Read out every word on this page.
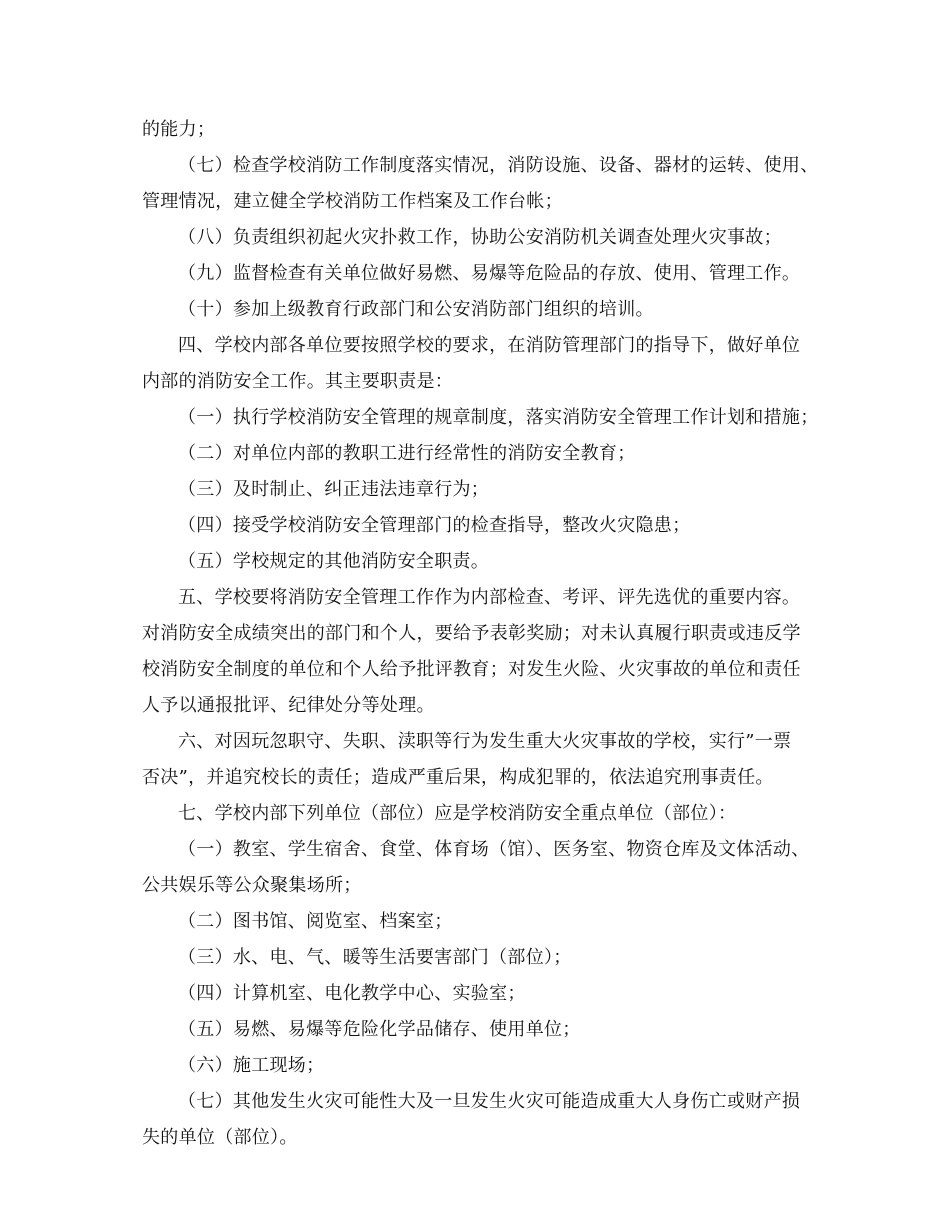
的能力；
（七）检查学校消防工作制度落实情况，消防设施、设备、器材的运转、使用、
管理情况，建立健全学校消防工作档案及工作台帐；
（八）负责组织初起火灾扑救工作，协助公安消防机关调查处理火灾事故；
（九）监督检查有关单位做好易燃、易爆等危险品的存放、使用、管理工作。
（十）参加上级教育行政部门和公安消防部门组织的培训。
四、学校内部各单位要按照学校的要求，在消防管理部门的指导下，做好单位
内部的消防安全工作。其主要职责是：
（一）执行学校消防安全管理的规章制度，落实消防安全管理工作计划和措施；
（二）对单位内部的教职工进行经常性的消防安全教育；
（三）及时制止、纠正违法违章行为；
（四）接受学校消防安全管理部门的检查指导，整改火灾隐患；
（五）学校规定的其他消防安全职责。
五、学校要将消防安全管理工作作为内部检查、考评、评先选优的重要内容。
对消防安全成绩突出的部门和个人，要给予表彰奖励；对未认真履行职责或违反学
校消防安全制度的单位和个人给予批评教育；对发生火险、火灾事故的单位和责任
人予以通报批评、纪律处分等处理。
六、对因玩忽职守、失职、渎职等行为发生重大火灾事故的学校，实行”一票
否决”，并追究校长的责任；造成严重后果，构成犯罪的，依法追究刑事责任。
七、学校内部下列单位（部位）应是学校消防安全重点单位（部位）：
（一）教室、学生宿舍、食堂、体育场（馆）、医务室、物资仓库及文体活动、
公共娱乐等公众聚集场所；
（二）图书馆、阅览室、档案室；
（三）水、电、气、暖等生活要害部门（部位）；
（四）计算机室、电化教学中心、实验室；
（五）易燃、易爆等危险化学品储存、使用单位；
（六）施工现场；
（七）其他发生火灾可能性大及一旦发生火灾可能造成重大人身伤亡或财产损
失的单位（部位）。
